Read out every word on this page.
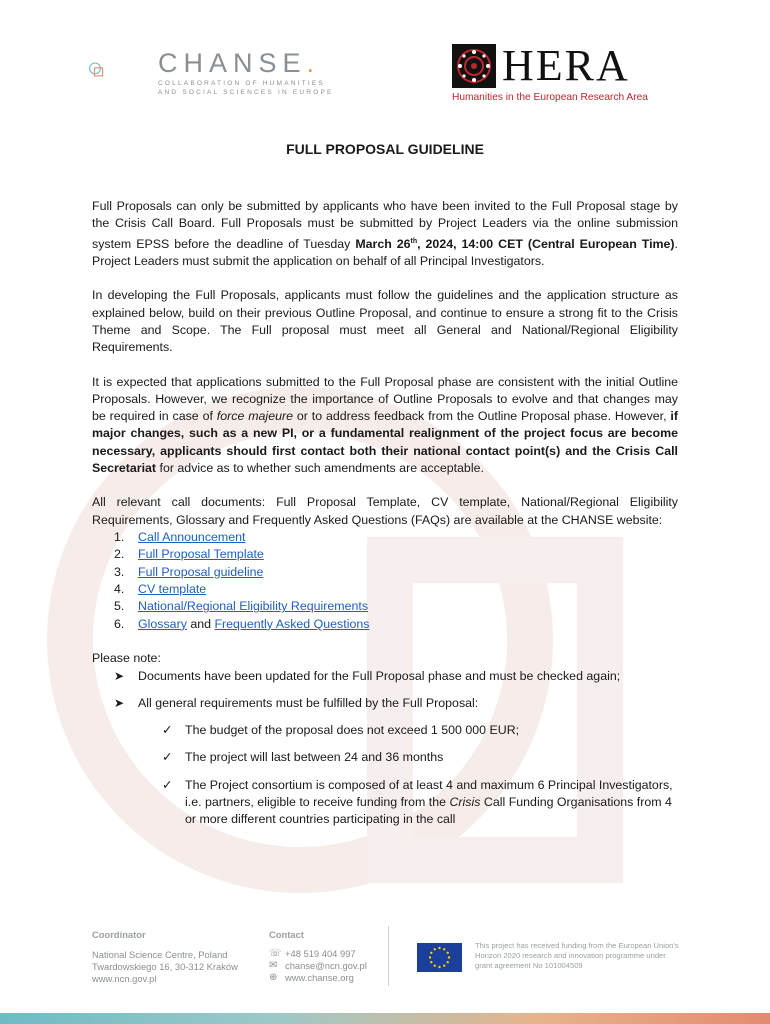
CHANSE.
COLLABORATION OF HUMANITIES
AND SOCIAL SCIENCES IN EUROPE
HERA
Humanities in the European Research Area
FULL PROPOSAL GUIDELINE

Full Proposals can only be submitted by applicants who have been invited to the Full Proposal stage by the Crisis Call Board. Full Proposals must be submitted by Project Leaders via the online submission system EPSS before the deadline of Tuesday March 26th, 2024, 14:00 CET (Central European Time). Project Leaders must submit the application on behalf of all Principal Investigators.

In developing the Full Proposals, applicants must follow the guidelines and the application structure as explained below, build on their previous Outline Proposal, and continue to ensure a strong fit to the Crisis Theme and Scope. The Full proposal must meet all General and National/Regional Eligibility Requirements.

It is expected that applications submitted to the Full Proposal phase are consistent with the initial Outline Proposals. However, we recognize the importance of Outline Proposals to evolve and that changes may be required in case of force majeure or to address feedback from the Outline Proposal phase. However, if major changes, such as a new PI, or a fundamental realignment of the project focus are become necessary, applicants should first contact both their national contact point(s) and the Crisis Call Secretariat for advice as to whether such amendments are acceptable.

All relevant call documents: Full Proposal Template, CV template, National/Regional Eligibility Requirements, Glossary and Frequently Asked Questions (FAQs) are available at the CHANSE website:

1. Call Announcement
2. Full Proposal Template
3. Full Proposal guideline
4. CV template
5. National/Regional Eligibility Requirements
6. Glossary and Frequently Asked Questions
Please note:
➤ Documents have been updated for the Full Proposal phase and must be checked again;
➤ All general requirements must be fulfilled by the Full Proposal:
✓ The budget of the proposal does not exceed 1 500 000 EUR;
✓ The project will last between 24 and 36 months
✓ The Project consortium is composed of at least 4 and maximum 6 Principal Investigators, i.e. partners, eligible to receive funding from the Crisis Call Funding Organisations from 4 or more different countries participating in the call
Coordinator
National Science Centre, Poland
Twardowskiego 16, 30-312 Kraków
www.ncn.gov.pl
Contact
☏ +48 519 404 997
✉ chanse@ncn.gov.pl
⊕ www.chanse.org
This project has received funding from the European Union's Horizon 2020 research and innovation programme under grant agreement No 101004509
